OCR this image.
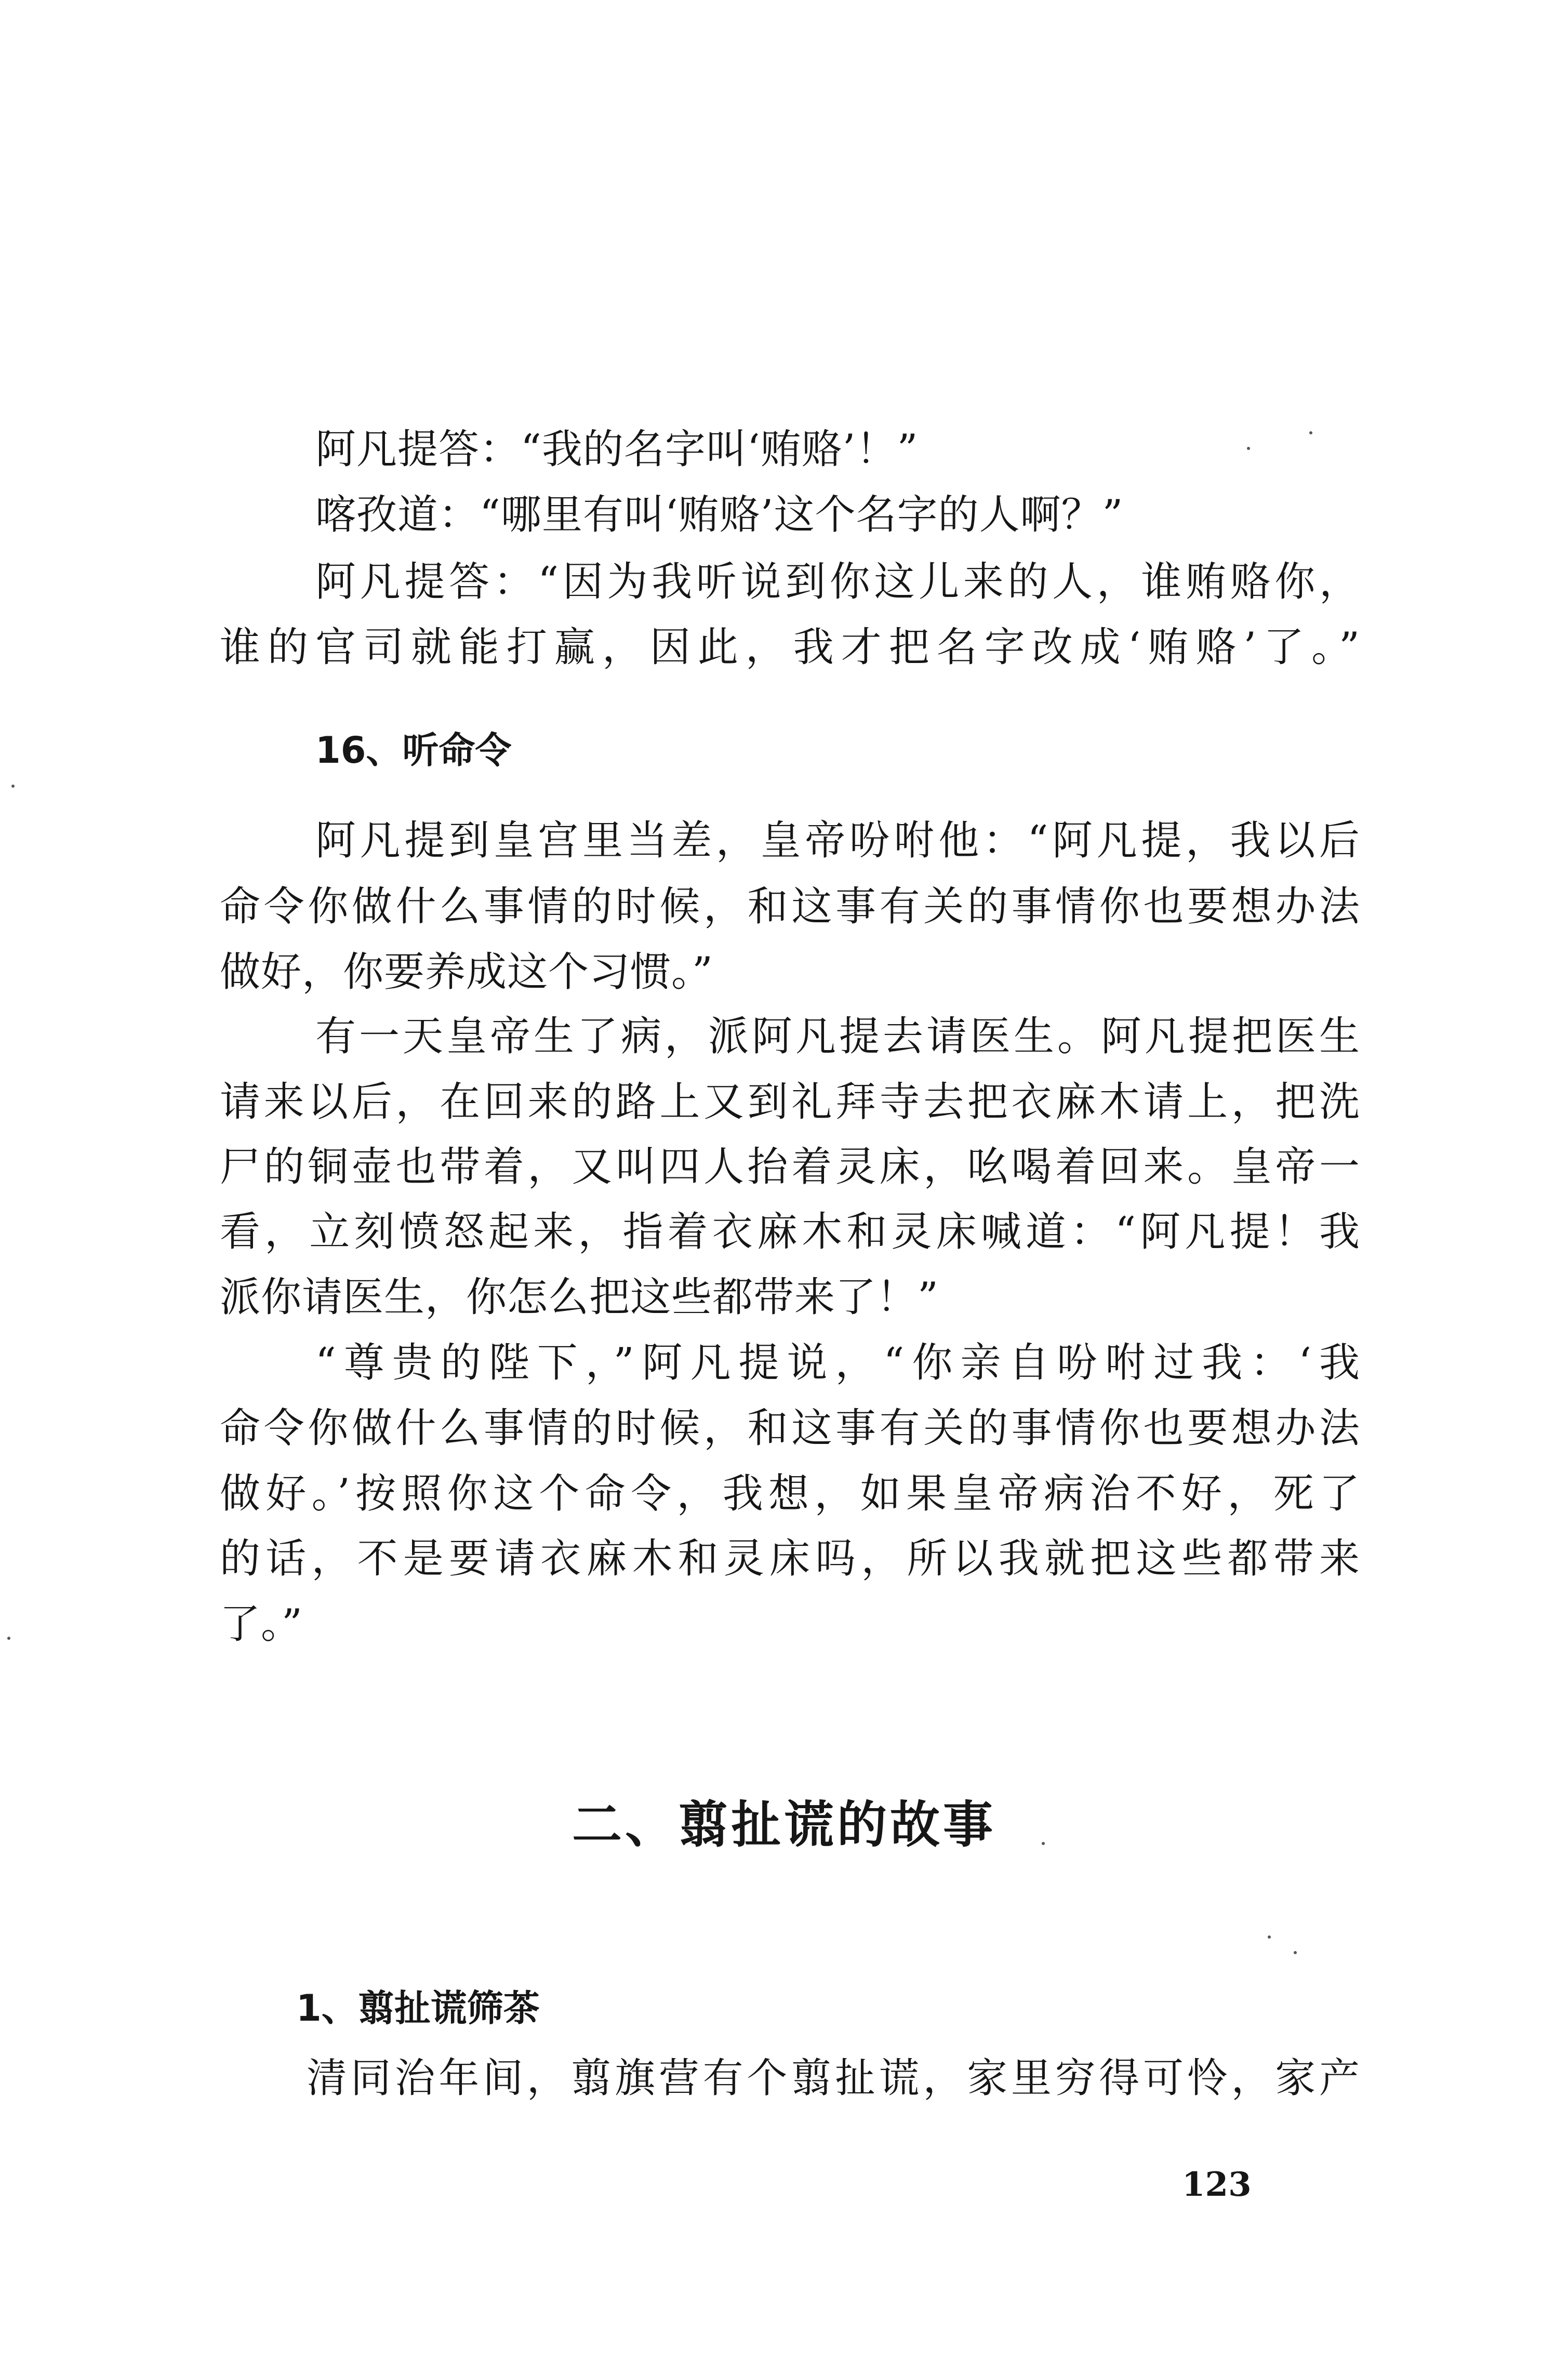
阿凡提答：“我的名字叫‘贿赂’！”
喀孜道：“哪里有叫‘贿赂’这个名字的人啊？”
阿凡提答：“因为我听说到你这儿来的人，谁贿赂你，
谁的官司就能打赢，因此，我才把名字改成‘贿赂’了。”
16、听命令
阿凡提到皇宫里当差，皇帝吩咐他：“阿凡提，我以后
命令你做什么事情的时候，和这事有关的事情你也要想办法
做好，你要养成这个习惯。”
有一天皇帝生了病，派阿凡提去请医生。阿凡提把医生
请来以后，在回来的路上又到礼拜寺去把衣麻木请上，把洗
尸的铜壶也带着，又叫四人抬着灵床，吆喝着回来。皇帝一
看，立刻愤怒起来，指着衣麻木和灵床喊道：“阿凡提！我
派你请医生，你怎么把这些都带来了！”
“尊贵的陛下，”阿凡提说，“你亲自吩咐过我：‘我
命令你做什么事情的时候，和这事有关的事情你也要想办法
做好。’按照你这个命令，我想，如果皇帝病治不好，死了
的话，不是要请衣麻木和灵床吗，所以我就把这些都带来
了。”
二、翦扯谎的故事
1、翦扯谎筛茶
清同治年间，翦旗营有个翦扯谎，家里穷得可怜，家产
123
